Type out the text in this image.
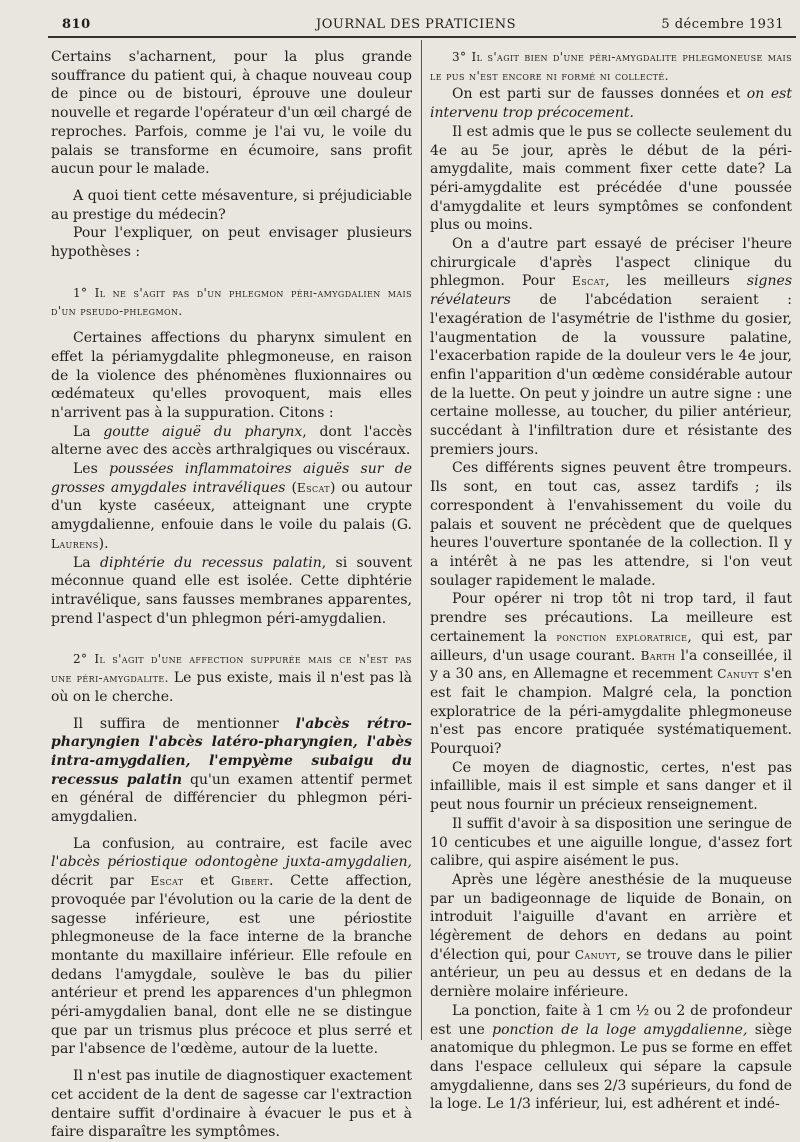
810	JOURNAL DES PRATICIENS	5 décembre 1931

Certains s'acharnent, pour la plus grande souffrance du patient qui, à chaque nouveau coup de pince ou de bistouri, éprouve une douleur nouvelle et regarde l'opérateur d'un œil chargé de reproches. Parfois, comme je l'ai vu, le voile du palais se transforme en écumoire, sans profit aucun pour le malade.

A quoi tient cette mésaventure, si préjudiciable au prestige du médecin?

Pour l'expliquer, on peut envisager plusieurs hypothèses :

1° Il ne s'agit pas d'un phlegmon péri-amygdalien mais d'un pseudo-phlegmon.

Certaines affections du pharynx simulent en effet la périamygdalite phlegmoneuse, en raison de la violence des phénomènes fluxionnaires ou œdémateux qu'elles provoquent, mais elles n'arrivent pas à la suppuration. Citons :

La goutte aiguë du pharynx, dont l'accès alterne avec des accès arthralgiques ou viscéraux.

Les poussées inflammatoires aiguës sur de grosses amygdales intravéliques (Escat) ou autour d'un kyste caséeux, atteignant une crypte amygdalienne, enfouie dans le voile du palais (G. Laurens).

La diphtérie du recessus palatin, si souvent méconnue quand elle est isolée. Cette diphtérie intravélique, sans fausses membranes apparentes, prend l'aspect d'un phlegmon péri-amygdalien.

2° Il s'agit d'une affection suppurée mais ce n'est pas une péri-amygdalite. Le pus existe, mais il n'est pas là où on le cherche.

Il suffira de mentionner l'abcès rétro-pharyngien l'abcès latéro-pharyngien, l'abès intra-amygdalien, l'empyème subaigu du recessus palatin qu'un examen attentif permet en général de différencier du phlegmon péri-amygdalien.

La confusion, au contraire, est facile avec l'abcès périostique odontogène juxta-amygdalien, décrit par Escat et Gibert. Cette affection, provoquée par l'évolution ou la carie de la dent de sagesse inférieure, est une périostite phlegmoneuse de la face interne de la branche montante du maxillaire inférieur. Elle refoule en dedans l'amygdale, soulève le bas du pilier antérieur et prend les apparences d'un phlegmon péri-amygdalien banal, dont elle ne se distingue que par un trismus plus précoce et plus serré et par l'absence de l'œdème, autour de la luette.

Il n'est pas inutile de diagnostiquer exactement cet accident de la dent de sagesse car l'extraction dentaire suffit d'ordinaire à évacuer le pus et à faire disparaître les symptômes.

3° Il s'agit bien d'une péri-amygdalite phlegmoneuse mais le pus n'est encore ni formé ni collecté.

On est parti sur de fausses données et on est intervenu trop précocement.

Il est admis que le pus se collecte seulement du 4e au 5e jour, après le début de la péri-amygdalite, mais comment fixer cette date? La péri-amygdalite est précédée d'une poussée d'amygdalite et leurs symptômes se confondent plus ou moins.

On a d'autre part essayé de préciser l'heure chirurgicale d'après l'aspect clinique du phlegmon. Pour Escat, les meilleurs signes révélateurs de l'abcédation seraient : l'exagération de l'asymétrie de l'isthme du gosier, l'augmentation de la voussure palatine, l'exacerbation rapide de la douleur vers le 4e jour, enfin l'apparition d'un œdème considérable autour de la luette. On peut y joindre un autre signe : une certaine mollesse, au toucher, du pilier antérieur, succédant à l'infiltration dure et résistante des premiers jours.

Ces différents signes peuvent être trompeurs. Ils sont, en tout cas, assez tardifs ; ils correspondent à l'envahissement du voile du palais et souvent ne précèdent que de quelques heures l'ouverture spontanée de la collection. Il y a intérêt à ne pas les attendre, si l'on veut soulager rapidement le malade.

Pour opérer ni trop tôt ni trop tard, il faut prendre ses précautions. La meilleure est certainement la ponction exploratrice, qui est, par ailleurs, d'un usage courant. Barth l'a conseillée, il y a 30 ans, en Allemagne et recemment Canuyt s'en est fait le champion. Malgré cela, la ponction exploratrice de la péri-amygdalite phlegmoneuse n'est pas encore pratiquée systématiquement. Pourquoi?

Ce moyen de diagnostic, certes, n'est pas infaillible, mais il est simple et sans danger et il peut nous fournir un précieux renseignement.

Il suffit d'avoir à sa disposition une seringue de 10 centicubes et une aiguille longue, d'assez fort calibre, qui aspire aisément le pus.

Après une légère anesthésie de la muqueuse par un badigeonnage de liquide de Bonain, on introduit l'aiguille d'avant en arrière et légèrement de dehors en dedans au point d'élection qui, pour Canuyt, se trouve dans le pilier antérieur, un peu au dessus et en dedans de la dernière molaire inférieure.

La ponction, faite à 1 cm ½ ou 2 de profondeur est une ponction de la loge amygdalienne, siège anatomique du phlegmon. Le pus se forme en effet dans l'espace celluleux qui sépare la capsule amygdalienne, dans ses 2/3 supérieurs, du fond de la loge. Le 1/3 inférieur, lui, est adhérent et indé-
